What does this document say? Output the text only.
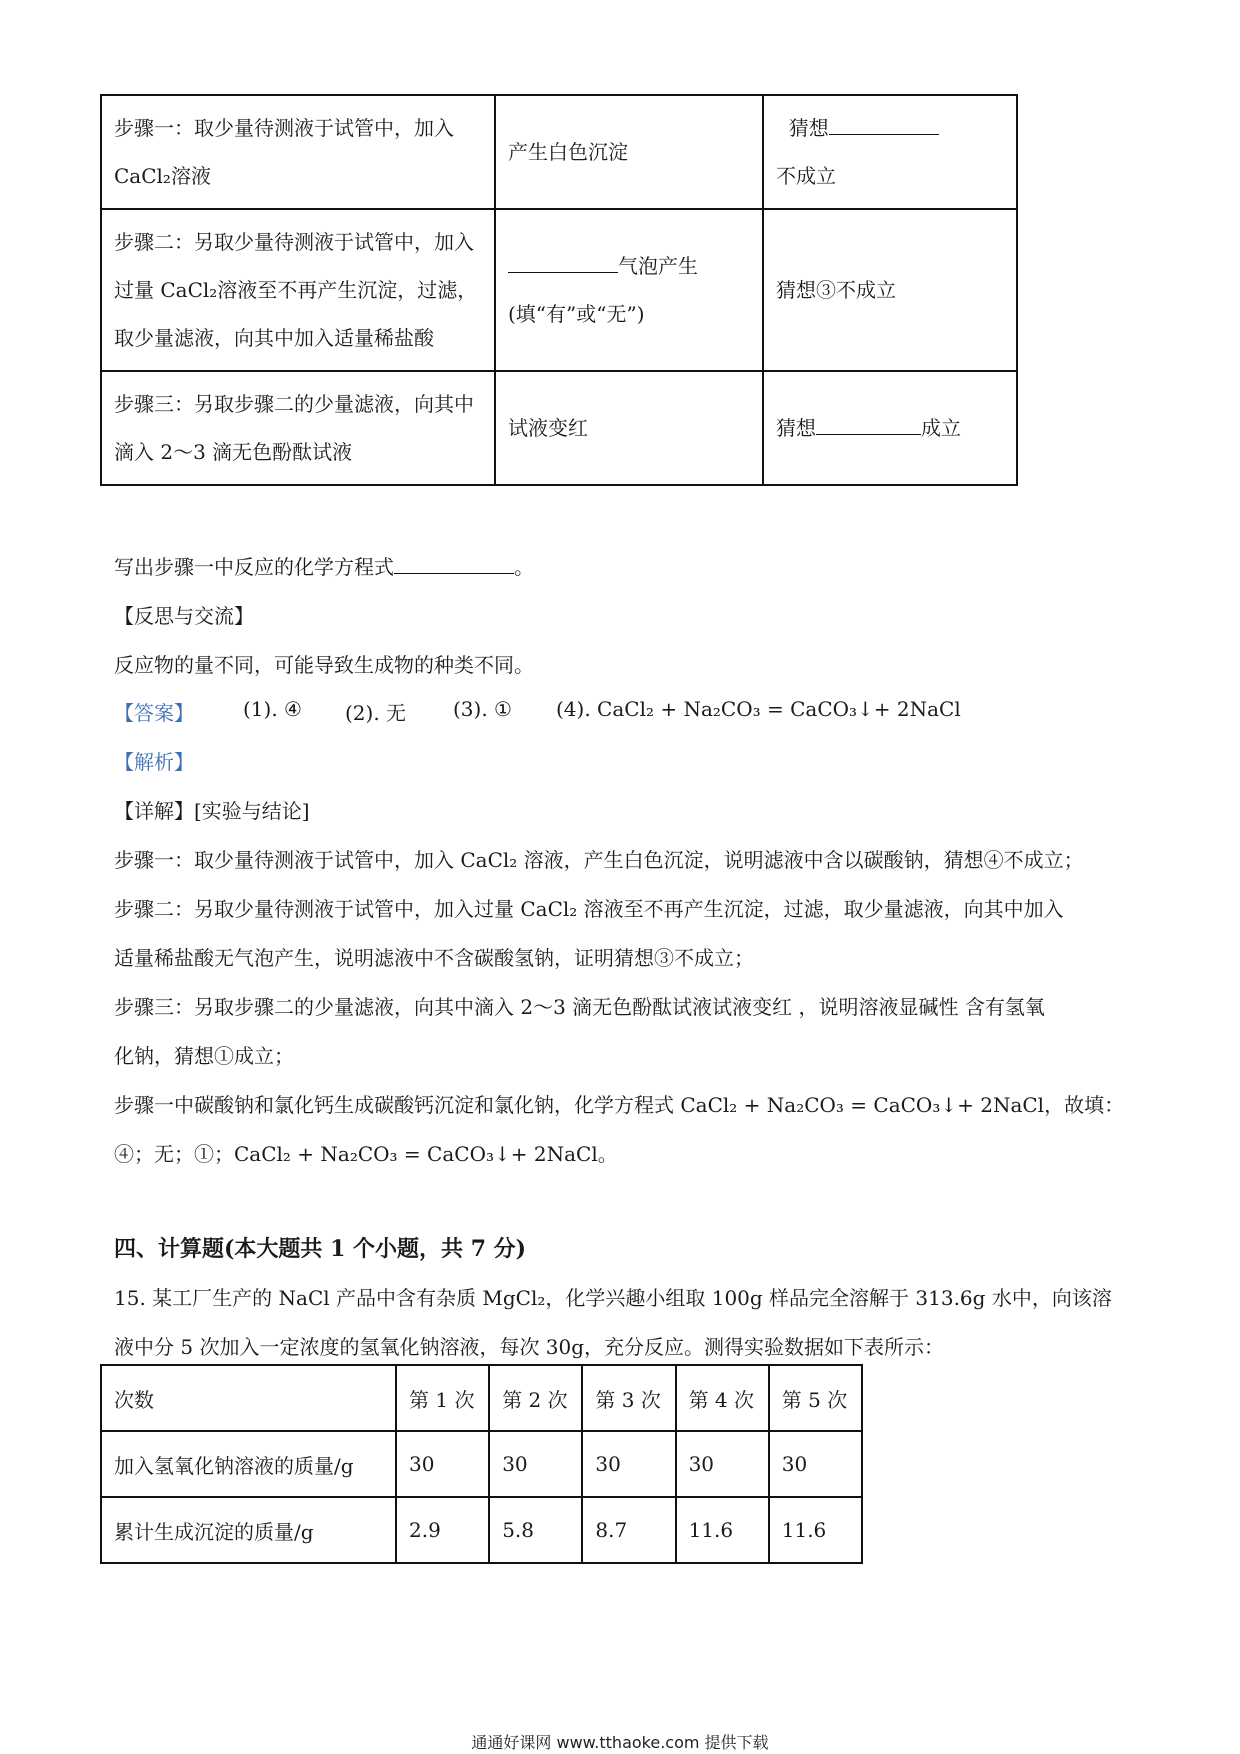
步骤一：取少量待测液于试管中，加入 CaCl₂溶液	产生白色沉淀	猜想
不成立
步骤二：另取少量待测液于试管中，加入过量 CaCl₂溶液至不再产生沉淀，过滤，取少量滤液，向其中加入适量稀盐酸	气泡产生
(填“有”或“无”)	猜想③不成立
步骤三：另取步骤二的少量滤液，向其中滴入 2～3 滴无色酚酞试液	试液变红	猜想 成立
写出步骤一中反应的化学方程式	。
【反思与交流】
反应物的量不同，可能导致生成物的种类不同。
【答案】 (1). ④ (2). 无 (3). ① (4). CaCl₂ + Na₂CO₃ = CaCO₃↓+ 2NaCl
【解析】
【详解】[实验与结论]
步骤一：取少量待测液于试管中，加入 CaCl₂ 溶液，产生白色沉淀，说明滤液中含以碳酸钠，猜想④不成立；
步骤二：另取少量待测液于试管中，加入过量 CaCl₂ 溶液至不再产生沉淀，过滤，取少量滤液，向其中加入
适量稀盐酸无气泡产生，说明滤液中不含碳酸氢钠，证明猜想③不成立；
步骤三：另取步骤二的少量滤液，向其中滴入 2～3 滴无色酚酞试液试液变红 ，说明溶液显碱性 含有氢氧
化钠，猜想①成立；
步骤一中碳酸钠和氯化钙生成碳酸钙沉淀和氯化钠，化学方程式 CaCl₂ + Na₂CO₃ = CaCO₃↓+ 2NaCl，故填：
④；无；①；CaCl₂ + Na₂CO₃ = CaCO₃↓+ 2NaCl。
四、计算题(本大题共 1 个小题，共 7 分)
15. 某工厂生产的 NaCl 产品中含有杂质 MgCl₂，化学兴趣小组取 100g 样品完全溶解于 313.6g 水中，向该溶
液中分 5 次加入一定浓度的氢氧化钠溶液，每次 30g，充分反应。测得实验数据如下表所示：
次数	第 1 次	第 2 次	第 3 次	第 4 次	第 5 次
加入氢氧化钠溶液的质量/g	30	30	30	30	30
累计生成沉淀的质量/g	2.9	5.8	8.7	11.6	11.6
通通好课网 www.tthaoke.com 提供下载
